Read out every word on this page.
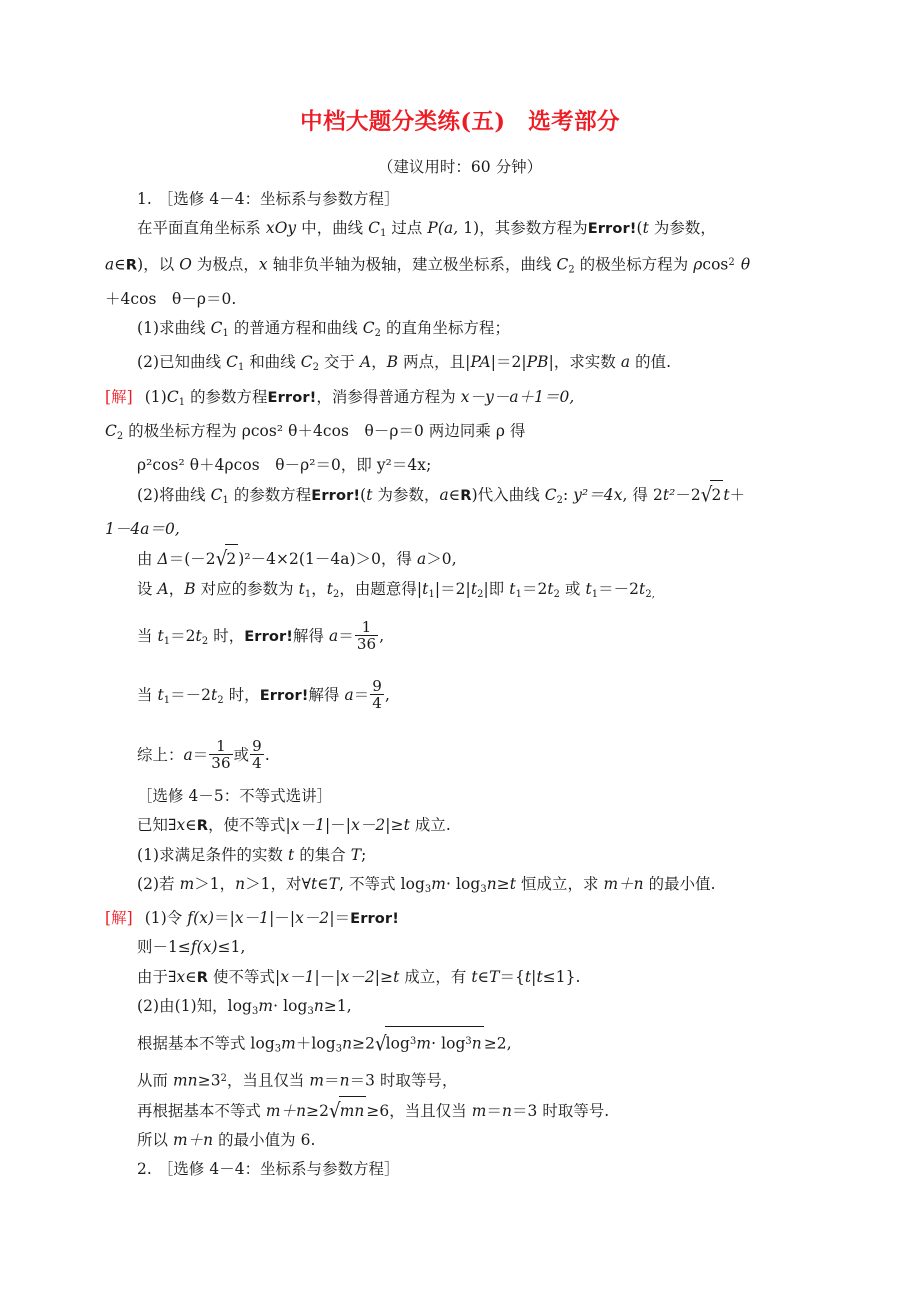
中档大题分类练(五)　选考部分
（建议用时：60 分钟）
1. ［选修 4－4：坐标系与参数方程］
在平面直角坐标系 xOy 中，曲线 $C_1$ 过点 P(a, 1)，其参数方程为Error!(t 为参数，
a∈R)，以 O 为极点，x 轴非负半轴为极轴，建立极坐标系，曲线 $C_2$ 的极坐标方程为 ρcos$^2$ θ
＋4cos　θ－ρ＝0.
(1)求曲线 $C_1$ 的普通方程和曲线 $C_2$ 的直角坐标方程；
(2)已知曲线 $C_1$ 和曲线 $C_2$ 交于 A，B 两点，且|PA|＝2|PB|，求实数 a 的值.
[解] $(1)C_1$ 的参数方程Error!，消参得普通方程为 x－y－a＋1＝0,
$C_2$ 的极坐标方程为 ρcos² θ＋4cos　θ－ρ＝0 两边同乘 ρ 得
ρ²cos² θ＋4ρcos　θ－ρ²＝0，即 y²＝4x;
(2)将曲线 $C_1$ 的参数方程Error!(t 为参数，a∈R)代入曲线 $C_2$: y²＝4x, 得 2t²－2√2 t＋
1－4a＝0,
由 Δ＝(－2√2 )²－4×2(1－4a)＞0，得 a＞0,
设 A，B 对应的参数为 $t_1$，$t_2$，由题意得$|t_1|=2|t_2|$即 $t_1=2t_2$ 或 $t_1=-2t_{2,}$
当 $t_1=2t_2$ 时，Error!解得 $a= \frac{1}{36}$ ,
当 $t_1=-2t_2$ 时，Error!解得 $a= \frac{9}{4}$ ,
综上：$a= \frac{1}{36}$ 或 $\frac{9}{4}$ .
［选修 4－5：不等式选讲］
已知∃x∈R，使不等式|x－1|－|x－2|≥t 成立.
(1)求满足条件的实数 t 的集合 T;
(2)若 m＞1，n＞1，对∀t∈T, 不等式 $\log_3m\cdot \log_3n\ge t$ 恒成立，求 m＋n 的最小值.
[解] (1)令 f(x)＝|x－1|－|x－2|＝Error!
则－1≤f(x)≤1,
由于∃x∈R 使不等式|x－1|－|x－2|≥t 成立，有 t∈T＝{t|t≤1}.
(2)由(1)知，$\log_3m\cdot \log_3n\ge 1$,
根据基本不等式 $\log_3m+\log_3n\ge 2√\log^3m\cdot \log^3n \ge 2$,
从而 $mn\ge 3^2$，当且仅当 m＝n＝3 时取等号，
再根据基本不等式 m＋n≥2√mn ≥6，当且仅当 m＝n＝3 时取等号.
所以 m＋n 的最小值为 6.
2. ［选修 4－4：坐标系与参数方程］
